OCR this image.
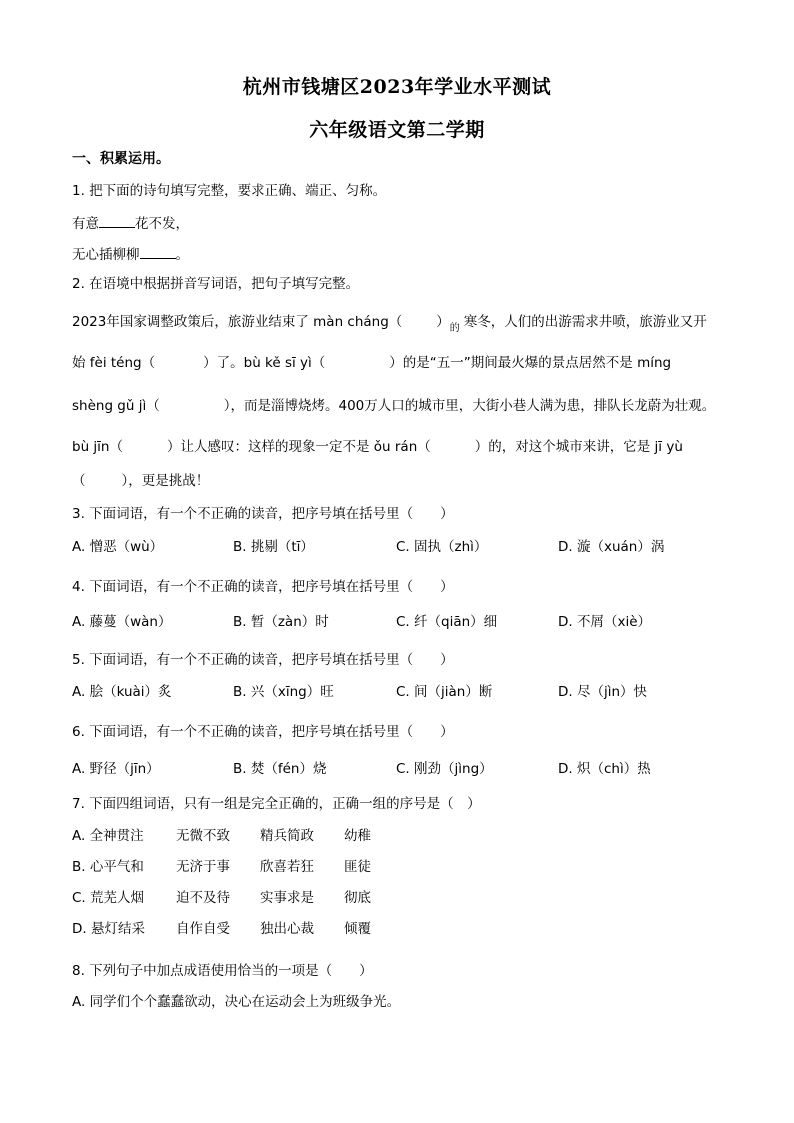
杭州市钱塘区2023年学业水平测试
六年级语文第二学期
一、积累运用。
1. 把下面的诗句填写完整，要求正确、端正、匀称。
有意	花不发，
无心插柳柳	。
2. 在语境中根据拼音写词语，把句子填写完整。
2023年国家调整政策后，旅游业结束了 màn cháng（	） 的 寒冬，人们的出游需求井喷，旅游业又开
始 fèi téng（	）了。bù kě sī yì（	）的是“五一”期间最火爆的景点居然不是 míng
shèng gǔ jì（	），而是淄博烧烤。400万人口的城市里，大街小巷人满为患，排队长龙蔚为壮观。
bù jīn（	）让人感叹：这样的现象一定不是 ǒu rán（	）的，对这个城市来讲，它是 jī yù
（	），更是挑战！
3. 下面词语，有一个不正确的读音，把序号填在括号里（　　）
A. 憎恶（wù）	B. 挑剔（tī）	C. 固执（zhì）	D. 漩（xuán）涡
4. 下面词语，有一个不正确的读音，把序号填在括号里（　　）
A. 藤蔓（wàn）	B. 暂（zàn）时	C. 纤（qiān）细	D. 不屑（xiè）
5. 下面词语，有一个不正确的读音，把序号填在括号里（　　）
A. 脍（kuài）炙	B. 兴（xīng）旺	C. 间（jiàn）断	D. 尽（jìn）快
6. 下面词语，有一个不正确的读音，把序号填在括号里（　　）
A. 野径（jīn）	B. 焚（fén）烧	C. 刚劲（jìng）	D. 炽（chì）热
7. 下面四组词语，只有一组是完全正确的，正确一组的序号是（　）
A. 全神贯注 无微不致 精兵简政 幼稚
B. 心平气和 无济于事 欣喜若狂 匪徒
C. 荒芜人烟 迫不及待 实事求是 彻底
D. 悬灯结采 自作自受 独出心裁 倾覆
8. 下列句子中加点成语使用恰当的一项是（　　）
A. 同学们个个蠢蠢欲动，决心在运动会上为班级争光。
